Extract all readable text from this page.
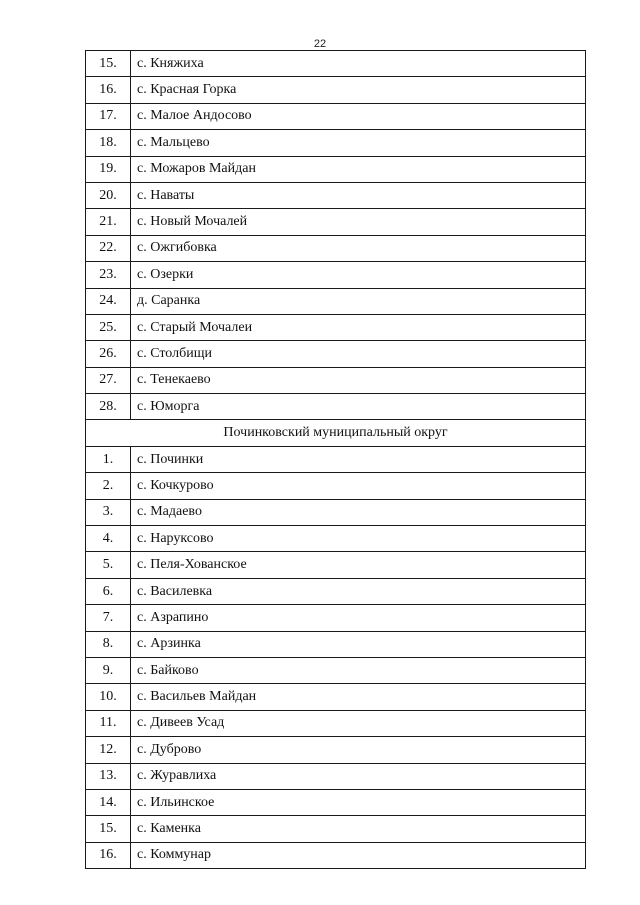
22
15.	с. Княжиха
16.	с. Красная Горка
17.	с. Малое Андосово
18.	с. Мальцево
19.	с. Можаров Майдан
20.	с. Наваты
21.	с. Новый Мочалей
22.	с. Ожгибовка
23.	с. Озерки
24.	д. Саранка
25.	с. Старый Мочалеи
26.	с. Столбищи
27.	с. Тенекаево
28.	с. Юморга
Починковский муниципальный округ	
1.	с. Починки
2.	с. Кочкурово
3.	с. Мадаево
4.	с. Наруксово
5.	с. Пеля-Хованское
6.	с. Василевка
7.	с. Азрапино
8.	с. Арзинка
9.	с. Байково
10.	с. Васильев Майдан
11.	с. Дивеев Усад
12.	с. Дуброво
13.	с. Журавлиха
14.	с. Ильинское
15.	с. Каменка
16.	с. Коммунар
